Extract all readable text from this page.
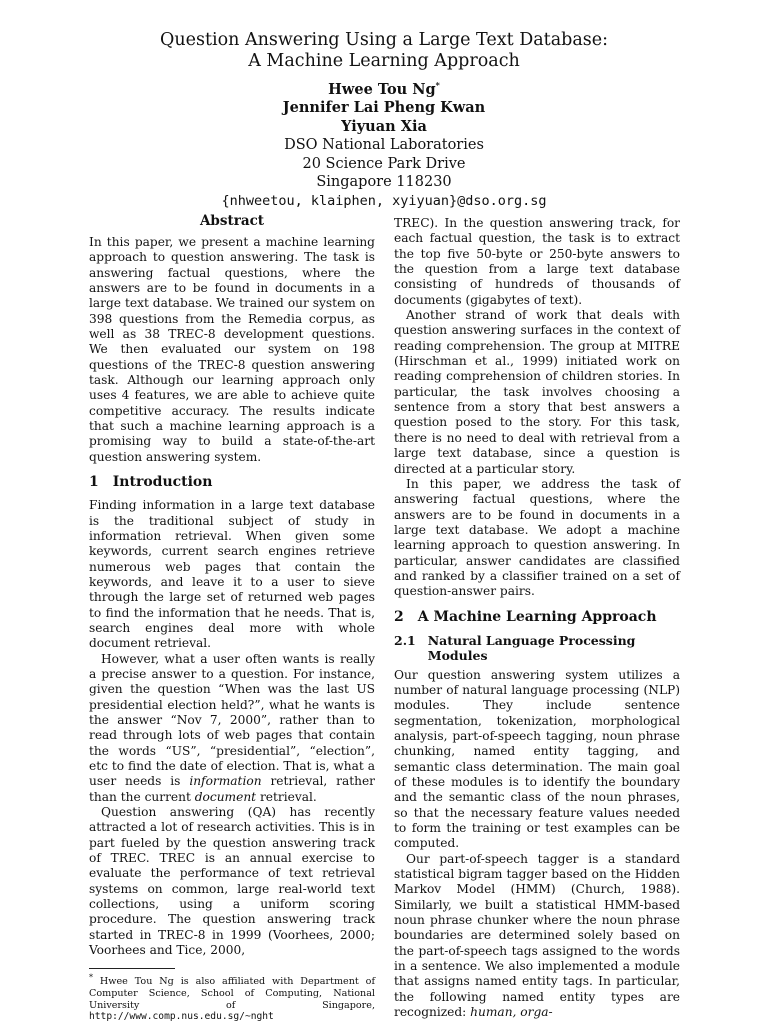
Question Answering Using a Large Text Database:
A Machine Learning Approach
Hwee Tou Ng*
Jennifer Lai Pheng Kwan
Yiyuan Xia
DSO National Laboratories
20 Science Park Drive
Singapore 118230
{nhweetou, klaiphen, xyiyuan}@dso.org.sg
Abstract

In this paper, we present a machine learning approach to question answering. The task is answering factual questions, where the answers are to be found in documents in a large text database. We trained our system on 398 questions from the Remedia corpus, as well as 38 TREC-8 development questions. We then evaluated our system on 198 questions of the TREC-8 question answering task. Although our learning approach only uses 4 features, we are able to achieve quite competitive accuracy. The results indicate that such a machine learning approach is a promising way to build a state-of-the-art question answering system.

1 Introduction

Finding information in a large text database is the traditional subject of study in information retrieval. When given some keywords, current search engines retrieve numerous web pages that contain the keywords, and leave it to a user to sieve through the large set of returned web pages to find the information that he needs. That is, search engines deal more with whole document retrieval.

However, what a user often wants is really a precise answer to a question. For instance, given the question “When was the last US presidential election held?”, what he wants is the answer “Nov 7, 2000”, rather than to read through lots of web pages that contain the words “US”, “presidential”, “election”, etc to find the date of election. That is, what a user needs is information retrieval, rather than the current document retrieval.

Question answering (QA) has recently attracted a lot of research activities. This is in part fueled by the question answering track of TREC. TREC is an annual exercise to evaluate the performance of text retrieval systems on common, large real-world text collections, using a uniform scoring procedure. The question answering track started in TREC-8 in 1999 (Voorhees, 2000; Voorhees and Tice, 2000,

* Hwee Tou Ng is also affiliated with Department of Computer Science, School of Computing, National University of Singapore, http://www.comp.nus.edu.sg/~nght

TREC). In the question answering track, for each factual question, the task is to extract the top five 50-byte or 250-byte answers to the question from a large text database consisting of hundreds of thousands of documents (gigabytes of text).

Another strand of work that deals with question answering surfaces in the context of reading comprehension. The group at MITRE (Hirschman et al., 1999) initiated work on reading comprehension of children stories. In particular, the task involves choosing a sentence from a story that best answers a question posed to the story. For this task, there is no need to deal with retrieval from a large text database, since a question is directed at a particular story.

In this paper, we address the task of answering factual questions, where the answers are to be found in documents in a large text database. We adopt a machine learning approach to question answering. In particular, answer candidates are classified and ranked by a classifier trained on a set of question-answer pairs.

2 A Machine Learning Approach
2.1 Natural Language Processing Modules

Our question answering system utilizes a number of natural language processing (NLP) modules. They include sentence segmentation, tokenization, morphological analysis, part-of-speech tagging, noun phrase chunking, named entity tagging, and semantic class determination. The main goal of these modules is to identify the boundary and the semantic class of the noun phrases, so that the necessary feature values needed to form the training or test examples can be computed.

Our part-of-speech tagger is a standard statistical bigram tagger based on the Hidden Markov Model (HMM) (Church, 1988). Similarly, we built a statistical HMM-based noun phrase chunker where the noun phrase boundaries are determined solely based on the part-of-speech tags assigned to the words in a sentence. We also implemented a module that assigns named entity tags. In particular, the following named entity types are recognized: human, orga-
